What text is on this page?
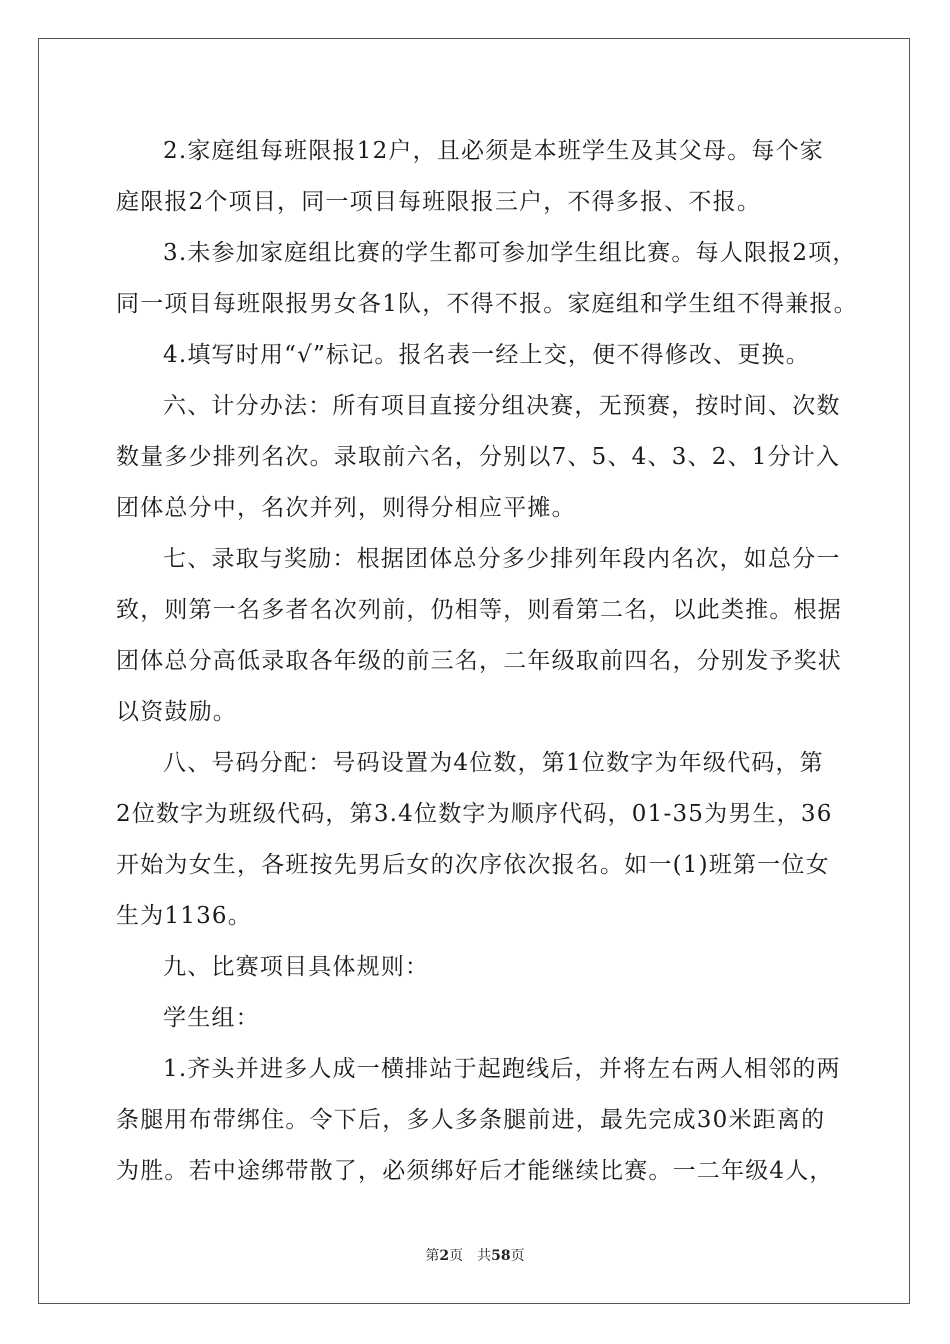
2.家庭组每班限报12户，且必须是本班学生及其父母。每个家
庭限报2个项目，同一项目每班限报三户，不得多报、不报。
3.未参加家庭组比赛的学生都可参加学生组比赛。每人限报2项，
同一项目每班限报男女各1队，不得不报。家庭组和学生组不得兼报。
4.填写时用“√”标记。报名表一经上交，便不得修改、更换。
六、计分办法：所有项目直接分组决赛，无预赛，按时间、次数
数量多少排列名次。录取前六名，分别以7、5、4、3、2、1分计入
团体总分中，名次并列，则得分相应平摊。
七、录取与奖励：根据团体总分多少排列年段内名次，如总分一
致，则第一名多者名次列前，仍相等，则看第二名，以此类推。根据
团体总分高低录取各年级的前三名，二年级取前四名，分别发予奖状
以资鼓励。
八、号码分配：号码设置为4位数，第1位数字为年级代码，第
2位数字为班级代码，第3.4位数字为顺序代码，01-35为男生，36
开始为女生，各班按先男后女的次序依次报名。如一(1)班第一位女
生为1136。
九、比赛项目具体规则：
学生组：
1.齐头并进多人成一横排站于起跑线后，并将左右两人相邻的两
条腿用布带绑住。令下后，多人多条腿前进，最先完成30米距离的
为胜。若中途绑带散了，必须绑好后才能继续比赛。一二年级4人，
第2页　共58页
